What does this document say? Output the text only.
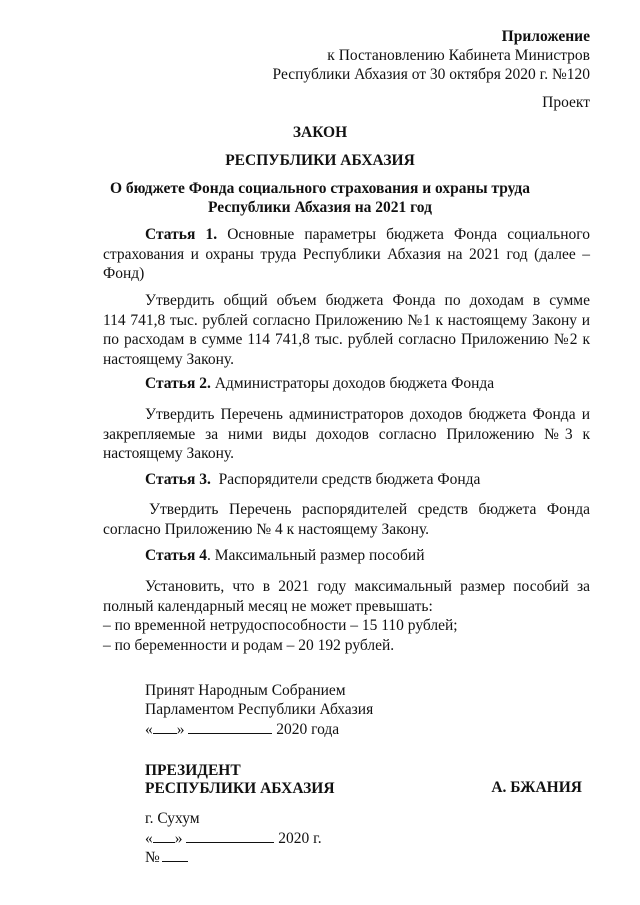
Приложение
к Постановлению Кабинета Министров
Республики Абхазия от 30 октября 2020 г. №120
Проект
ЗАКОН
РЕСПУБЛИКИ АБХАЗИЯ
О бюджете Фонда социального страхования и охраны труда
Республики Абхазия на 2021 год
Статья 1. Основные параметры бюджета Фонда социального
страхования и охраны труда Республики Абхазия на 2021 год (далее –
Фонд)
Утвердить общий объем бюджета Фонда по доходам в сумме
114 741,8 тыс. рублей согласно Приложению №1 к настоящему Закону и
по расходам в сумме 114 741,8 тыс. рублей согласно Приложению №2 к
настоящему Закону.
Статья 2. Администраторы доходов бюджета Фонда
Утвердить Перечень администраторов доходов бюджета Фонда и
закрепляемые за ними виды доходов согласно Приложению №3 к
настоящему Закону.
Статья 3. Распорядители средств бюджета Фонда
Утвердить Перечень распорядителей средств бюджета Фонда
согласно Приложению № 4 к настоящему Закону.
Статья 4. Максимальный размер пособий
Установить, что в 2021 году максимальный размер пособий за
полный календарный месяц не может превышать:
– по временной нетрудоспособности – 15 110 рублей;
– по беременности и родам – 20 192 рублей.
Принят Народным Собранием
Парламентом Республики Абхазия
« »	2020 года
ПРЕЗИДЕНТ
РЕСПУБЛИКИ АБХАЗИЯ	А. БЖАНИЯ
г. Сухум
« »	2020 г.
№
